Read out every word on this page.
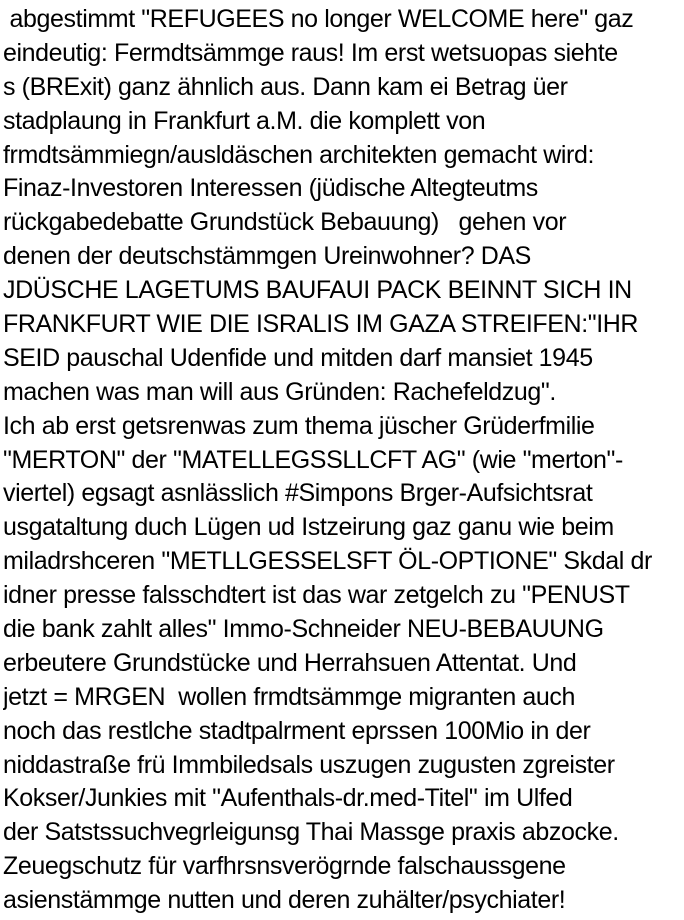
abgestimmt "REFUGEES no longer WELCOME here" gaz
eindeutig: Fermdtsämmge raus! Im erst wetsuopas siehte
s (BRExit) ganz ähnlich aus. Dann kam ei Betrag üer
stadplaung in Frankfurt a.M. die komplett von
frmdtsämmiegn/ausldäschen architekten gemacht wird:
Finaz-Investoren Interessen (jüdische Altegteutms
rückgabedebatte Grundstück Bebauung)   gehen vor
denen der deutschstämmgen Ureinwohner? DAS
JDÜSCHE LAGETUMS BAUFAUI PACK BEINNT SICH IN
FRANKFURT WIE DIE ISRALIS IM GAZA STREIFEN:"IHR
SEID pauschal Udenfide und mitden darf mansiet 1945
machen was man will aus Gründen: Rachefeldzug".
Ich ab erst getsrenwas zum thema jüscher Grüderfmilie
"MERTON" der "MATELLEGSSLLCFT AG" (wie "merton"-
viertel) egsagt asnlässlich #Simpons Brger-Aufsichtsrat
usgataltung duch Lügen ud Istzeirung gaz ganu wie beim
miladrshceren "METLLGESSELSFT ÖL-OPTIONE" Skdal dr
idner presse falsschdtert ist das war zetgelch zu "PENUST
die bank zahlt alles" Immo-Schneider NEU-BEBAUUNG
erbeutere Grundstücke und Herrahsuen Attentat. Und
jetzt = MRGEN  wollen frmdtsämmge migranten auch
noch das restlche stadtpalrment eprssen 100Mio in der
niddastraße frü Immbiledsals uszugen zugusten zgreister
Kokser/Junkies mit "Aufenthals-dr.med-Titel" im Ulfed
der Satstssuchvegrleigunsg Thai Massge praxis abzocke.
Zeuegschutz für varfhrsnsverögrnde falschaussgene
asienstämmge nutten und deren zuhälter/psychiater!
